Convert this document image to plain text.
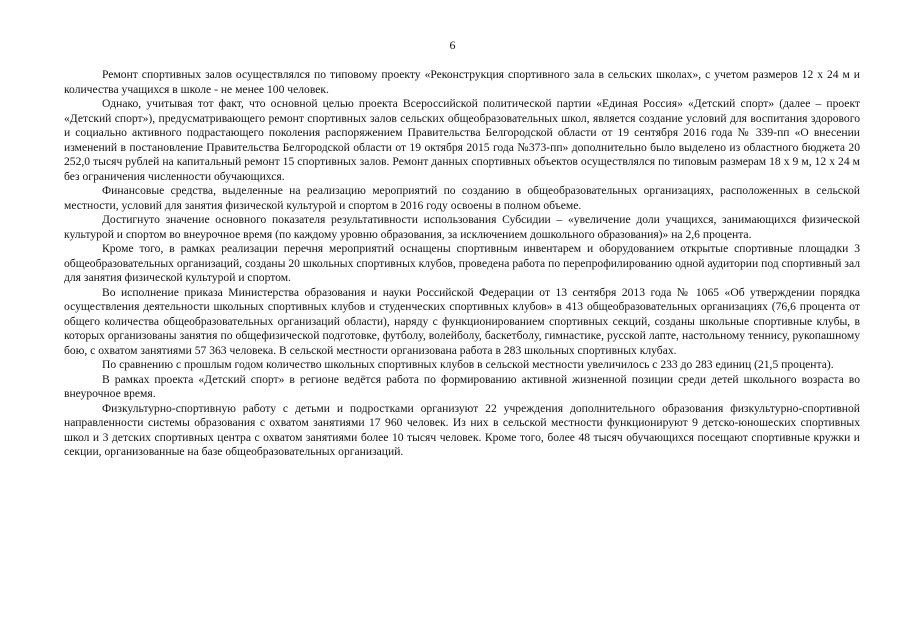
6

Ремонт спортивных залов осуществлялся по типовому проекту «Реконструкция спортивного зала в сельских школах», с учетом размеров 12 х 24 м и количества учащихся в школе - не менее 100 человек.

Однако, учитывая тот факт, что основной целью проекта Всероссийской политической партии «Единая Россия» «Детский спорт» (далее – проект «Детский спорт»), предусматривающего ремонт спортивных залов сельских общеобразовательных школ, является создание условий для воспитания здорового и социально активного подрастающего поколения распоряжением Правительства Белгородской области от 19 сентября 2016 года № 339-пп «О внесении изменений в постановление Правительства Белгородской области от 19 октября 2015 года №373-пп» дополнительно было выделено из областного бюджета 20 252,0 тысяч рублей на капитальный ремонт 15 спортивных залов. Ремонт данных спортивных объектов осуществлялся по типовым размерам 18 х 9 м, 12 х 24 м без ограничения численности обучающихся.

Финансовые средства, выделенные на реализацию мероприятий по созданию в общеобразовательных организациях, расположенных в сельской местности, условий для занятия физической культурой и спортом в 2016 году освоены в полном объеме.

Достигнуто значение основного показателя результативности использования Субсидии – «увеличение доли учащихся, занимающихся физической культурой и спортом во внеурочное время (по каждому уровню образования, за исключением дошкольного образования)» на 2,6 процента.

Кроме того, в рамках реализации перечня мероприятий оснащены спортивным инвентарем и оборудованием открытые спортивные площадки 3 общеобразовательных организаций, созданы 20 школьных спортивных клубов, проведена работа по перепрофилированию одной аудитории под спортивный зал для занятия физической культурой и спортом.

Во исполнение приказа Министерства образования и науки Российской Федерации от 13 сентября 2013 года № 1065 «Об утверждении порядка осуществления деятельности школьных спортивных клубов и студенческих спортивных клубов» в 413 общеобразовательных организациях (76,6 процента от общего количества общеобразовательных организаций области), наряду с функционированием спортивных секций, созданы школьные спортивные клубы, в которых организованы занятия по общефизической подготовке, футболу, волейболу, баскетболу, гимнастике, русской лапте, настольному теннису, рукопашному бою, с охватом занятиями 57 363 человека. В сельской местности организована работа в 283 школьных спортивных клубах.

По сравнению с прошлым годом количество школьных спортивных клубов в сельской местности увеличилось с 233 до 283 единиц (21,5 процента).

В рамках проекта «Детский спорт» в регионе ведётся работа по формированию активной жизненной позиции среди детей школьного возраста во внеурочное время.

Физкультурно-спортивную работу с детьми и подростками организуют 22 учреждения дополнительного образования физкультурно-спортивной направленности системы образования с охватом занятиями 17 960 человек. Из них в сельской местности функционируют 9 детско-юношеских спортивных школ и 3 детских спортивных центра с охватом занятиями более 10 тысяч человек. Кроме того, более 48 тысяч обучающихся посещают спортивные кружки и секции, организованные на базе общеобразовательных организаций.
